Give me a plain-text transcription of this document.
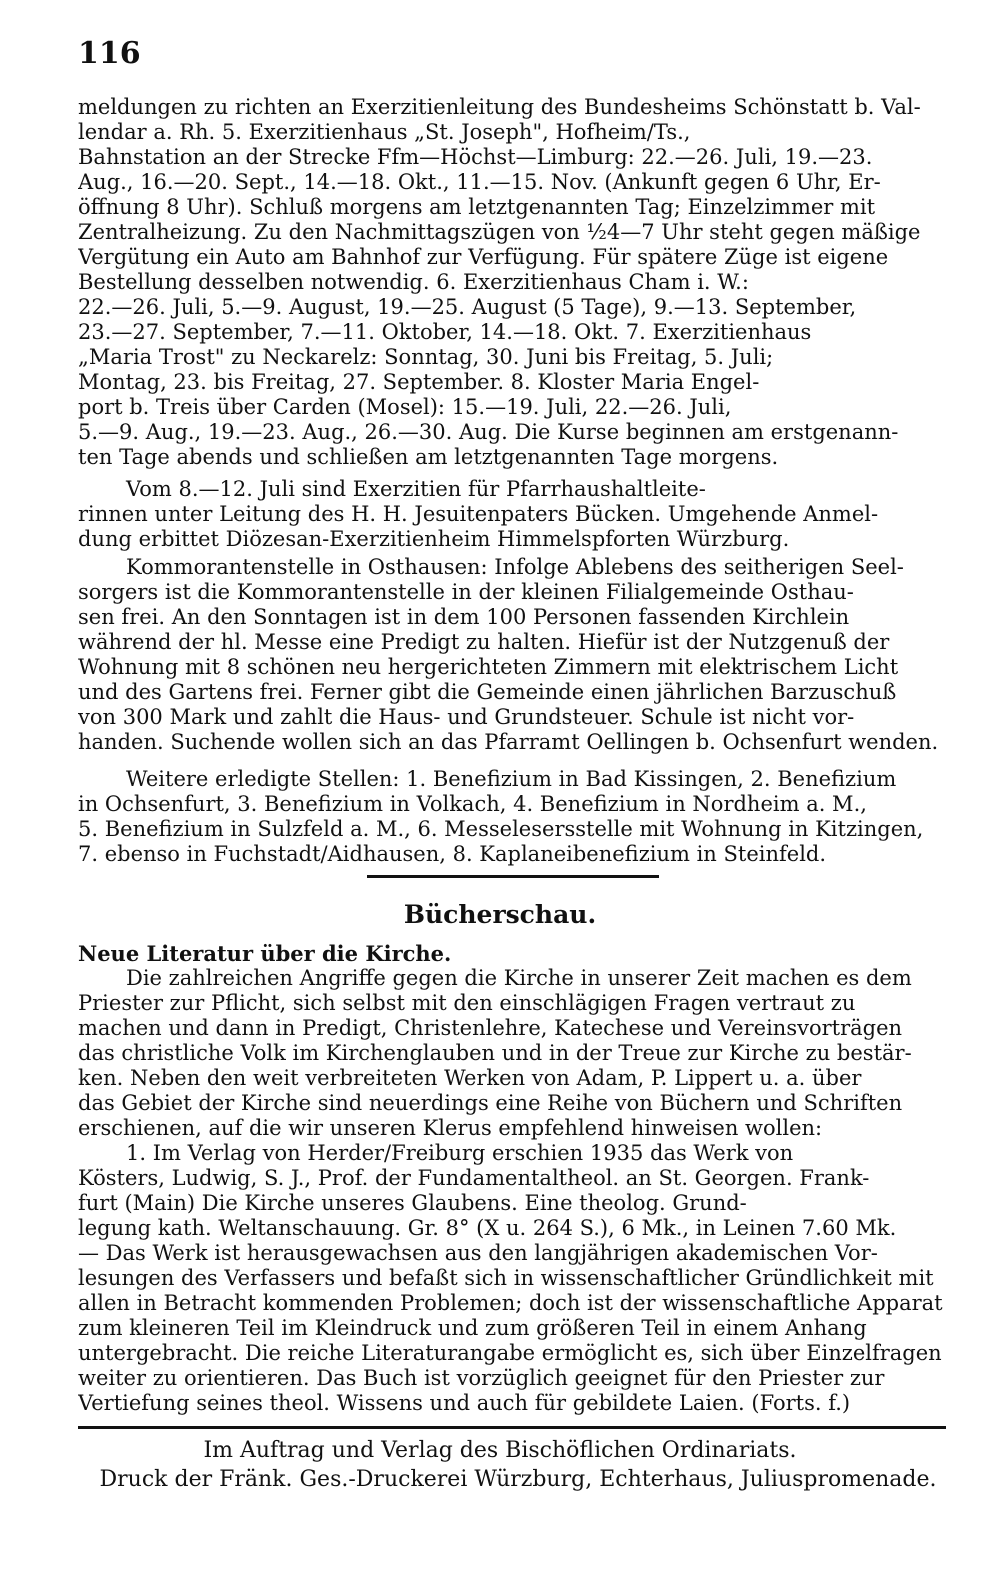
116
meldungen zu richten an Exerzitienleitung des Bundesheims Schönstatt b. Val-
lendar a. Rh. 5. Exerzitienhaus „St. Joseph", Hofheim/Ts.,
Bahnstation an der Strecke Ffm—Höchst—Limburg: 22.—26. Juli, 19.—23.
Aug., 16.—20. Sept., 14.—18. Okt., 11.—15. Nov. (Ankunft gegen 6 Uhr, Er-
öffnung 8 Uhr). Schluß morgens am letztgenannten Tag; Einzelzimmer mit
Zentralheizung. Zu den Nachmittagszügen von ½4—7 Uhr steht gegen mäßige
Vergütung ein Auto am Bahnhof zur Verfügung. Für spätere Züge ist eigene
Bestellung desselben notwendig. 6. Exerzitienhaus Cham i. W.:
22.—26. Juli, 5.—9. August, 19.—25. August (5 Tage), 9.—13. September,
23.—27. September, 7.—11. Oktober, 14.—18. Okt. 7. Exerzitienhaus
„Maria Trost" zu Neckarelz: Sonntag, 30. Juni bis Freitag, 5. Juli;
Montag, 23. bis Freitag, 27. September. 8. Kloster Maria Engel-
port b. Treis über Carden (Mosel): 15.—19. Juli, 22.—26. Juli,
5.—9. Aug., 19.—23. Aug., 26.—30. Aug. Die Kurse beginnen am erstgenann-
ten Tage abends und schließen am letztgenannten Tage morgens.
Vom 8.—12. Juli sind Exerzitien für Pfarrhaushaltleite-
rinnen unter Leitung des H. H. Jesuitenpaters Bücken. Umgehende Anmel-
dung erbittet Diözesan-Exerzitienheim Himmelspforten Würzburg.
Kommorantenstelle in Osthausen: Infolge Ablebens des seitherigen Seel-
sorgers ist die Kommorantenstelle in der kleinen Filialgemeinde Osthau-
sen frei. An den Sonntagen ist in dem 100 Personen fassenden Kirchlein
während der hl. Messe eine Predigt zu halten. Hiefür ist der Nutzgenuß der
Wohnung mit 8 schönen neu hergerichteten Zimmern mit elektrischem Licht
und des Gartens frei. Ferner gibt die Gemeinde einen jährlichen Barzuschuß
von 300 Mark und zahlt die Haus- und Grundsteuer. Schule ist nicht vor-
handen. Suchende wollen sich an das Pfarramt Oellingen b. Ochsenfurt wenden.
Weitere erledigte Stellen: 1. Benefizium in Bad Kissingen, 2. Benefizium
in Ochsenfurt, 3. Benefizium in Volkach, 4. Benefizium in Nordheim a. M.,
5. Benefizium in Sulzfeld a. M., 6. Messelesersstelle mit Wohnung in Kitzingen,
7. ebenso in Fuchstadt/Aidhausen, 8. Kaplaneibenefizium in Steinfeld.
Bücherschau.
Neue Literatur über die Kirche.
Die zahlreichen Angriffe gegen die Kirche in unserer Zeit machen es dem
Priester zur Pflicht, sich selbst mit den einschlägigen Fragen vertraut zu
machen und dann in Predigt, Christenlehre, Katechese und Vereinsvorträgen
das christliche Volk im Kirchenglauben und in der Treue zur Kirche zu bestär-
ken. Neben den weit verbreiteten Werken von Adam, P. Lippert u. a. über
das Gebiet der Kirche sind neuerdings eine Reihe von Büchern und Schriften
erschienen, auf die wir unseren Klerus empfehlend hinweisen wollen:
1. Im Verlag von Herder/Freiburg erschien 1935 das Werk von
Kösters, Ludwig, S. J., Prof. der Fundamentaltheol. an St. Georgen. Frank-
furt (Main) Die Kirche unseres Glaubens. Eine theolog. Grund-
legung kath. Weltanschauung. Gr. 8° (X u. 264 S.), 6 Mk., in Leinen 7.60 Mk.
— Das Werk ist herausgewachsen aus den langjährigen akademischen Vor-
lesungen des Verfassers und befaßt sich in wissenschaftlicher Gründlichkeit mit
allen in Betracht kommenden Problemen; doch ist der wissenschaftliche Apparat
zum kleineren Teil im Kleindruck und zum größeren Teil in einem Anhang
untergebracht. Die reiche Literaturangabe ermöglicht es, sich über Einzelfragen
weiter zu orientieren. Das Buch ist vorzüglich geeignet für den Priester zur
Vertiefung seines theol. Wissens und auch für gebildete Laien. (Forts. f.)
Im Auftrag und Verlag des Bischöflichen Ordinariats.
Druck der Fränk. Ges.-Druckerei Würzburg, Echterhaus, Juliuspromenade.
